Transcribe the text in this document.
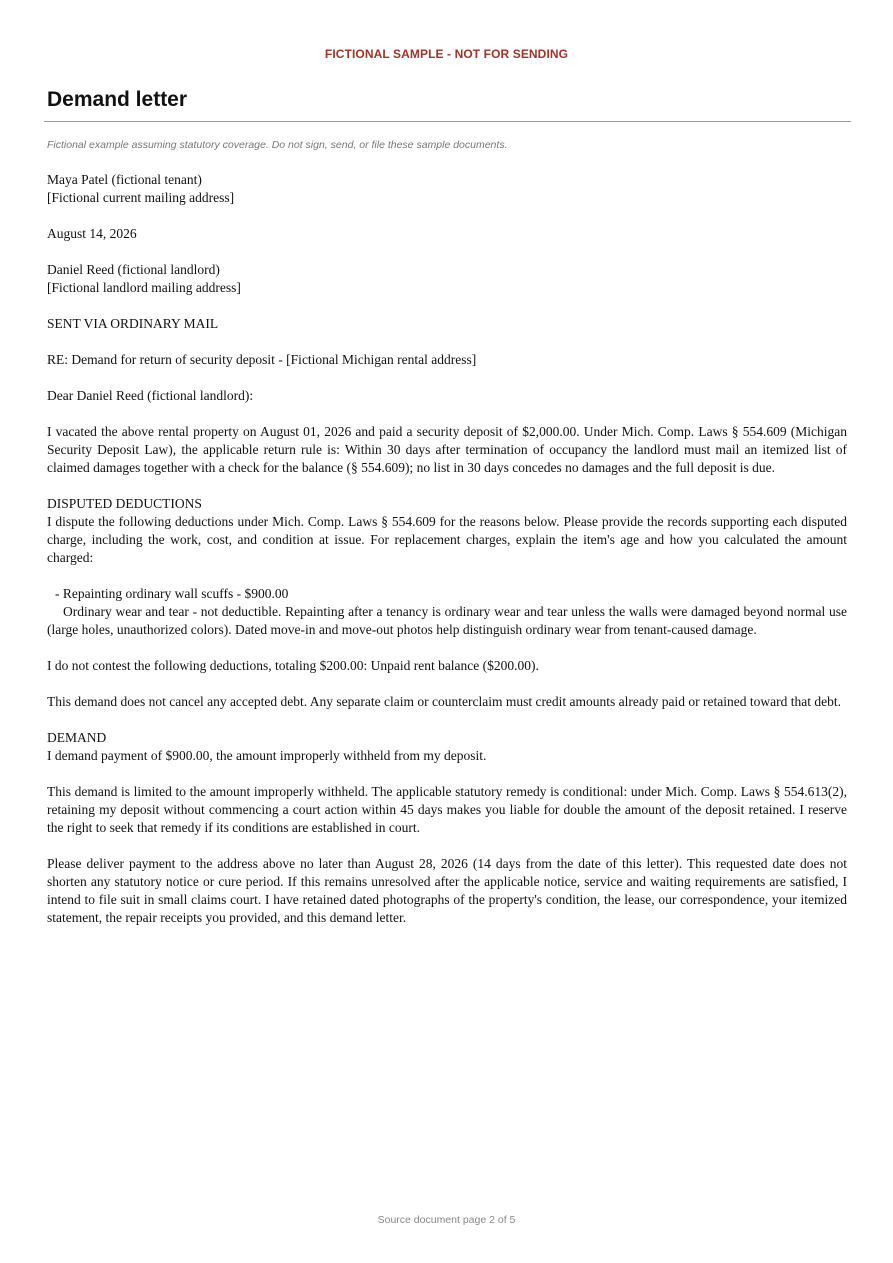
FICTIONAL SAMPLE - NOT FOR SENDING
Demand letter
Fictional example assuming statutory coverage. Do not sign, send, or file these sample documents.

Maya Patel (fictional tenant)
[Fictional current mailing address]

August 14, 2026

Daniel Reed (fictional landlord)
[Fictional landlord mailing address]

SENT VIA ORDINARY MAIL

RE: Demand for return of security deposit - [Fictional Michigan rental address]

Dear Daniel Reed (fictional landlord):

I vacated the above rental property on August 01, 2026 and paid a security deposit of $2,000.00. Under Mich. Comp. Laws § 554.609 (Michigan Security Deposit Law), the applicable return rule is: Within 30 days after termination of occupancy the landlord must mail an itemized list of claimed damages together with a check for the balance (§ 554.609); no list in 30 days concedes no damages and the full deposit is due.

DISPUTED DEDUCTIONS
I dispute the following deductions under Mich. Comp. Laws § 554.609 for the reasons below. Please provide the records supporting each disputed charge, including the work, cost, and condition at issue. For replacement charges, explain the item's age and how you calculated the amount charged:

- Repainting ordinary wall scuffs - $900.00
Ordinary wear and tear - not deductible. Repainting after a tenancy is ordinary wear and tear unless the walls were damaged beyond normal use (large holes, unauthorized colors). Dated move-in and move-out photos help distinguish ordinary wear from tenant-caused damage.

I do not contest the following deductions, totaling $200.00: Unpaid rent balance ($200.00).

This demand does not cancel any accepted debt. Any separate claim or counterclaim must credit amounts already paid or retained toward that debt.

DEMAND
I demand payment of $900.00, the amount improperly withheld from my deposit.

This demand is limited to the amount improperly withheld. The applicable statutory remedy is conditional: under Mich. Comp. Laws § 554.613(2), retaining my deposit without commencing a court action within 45 days makes you liable for double the amount of the deposit retained. I reserve the right to seek that remedy if its conditions are established in court.

Please deliver payment to the address above no later than August 28, 2026 (14 days from the date of this letter). This requested date does not shorten any statutory notice or cure period. If this remains unresolved after the applicable notice, service and waiting requirements are satisfied, I intend to file suit in small claims court. I have retained dated photographs of the property's condition, the lease, our correspondence, your itemized statement, the repair receipts you provided, and this demand letter.

Source document page 2 of 5
